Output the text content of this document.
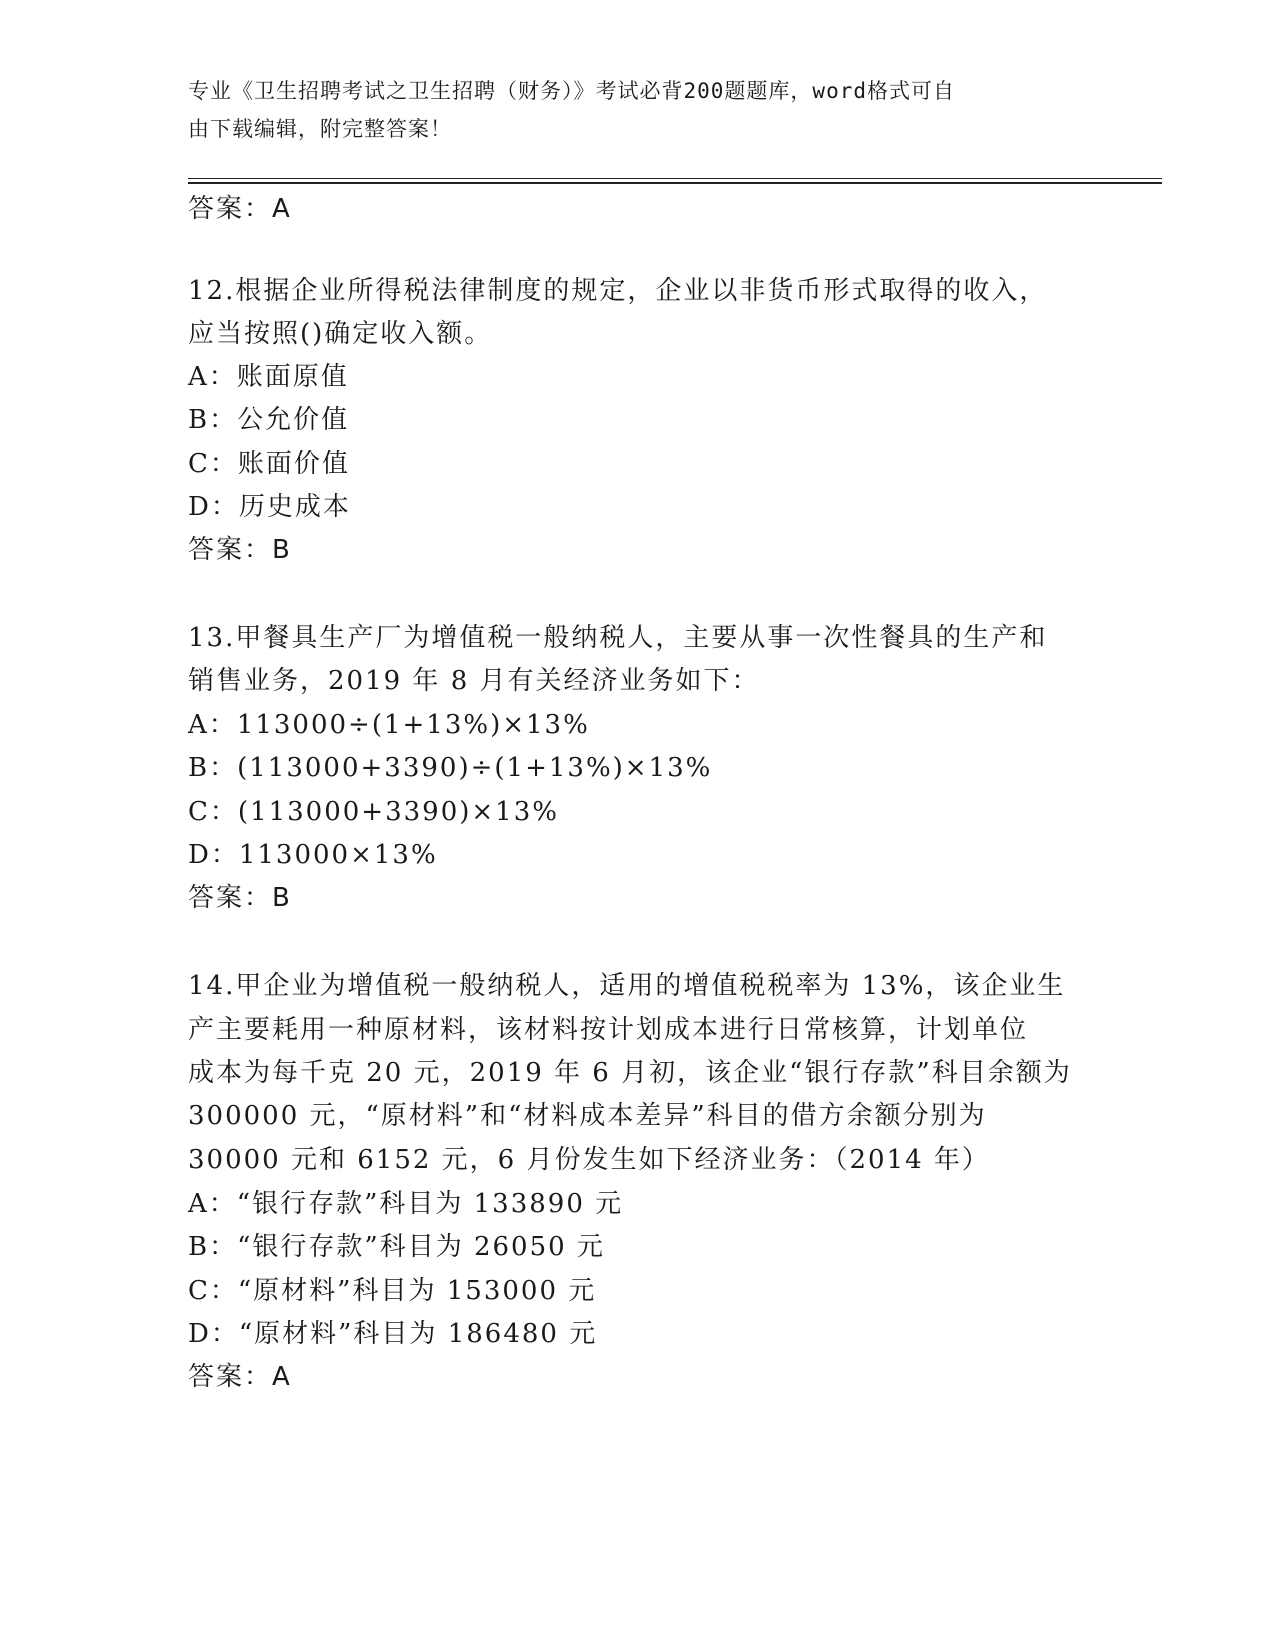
专业《卫生招聘考试之卫生招聘（财务）》考试必背200题题库，word格式可自
由下载编辑，附完整答案！
答案：A
12.根据企业所得税法律制度的规定，企业以非货币形式取得的收入，
应当按照()确定收入额。
A：账面原值
B：公允价值
C：账面价值
D：历史成本
答案：B
13.甲餐具生产厂为增值税一般纳税人，主要从事一次性餐具的生产和
销售业务，2019 年 8 月有关经济业务如下：
A：113000÷(1+13%)×13%
B：(113000+3390)÷(1+13%)×13%
C：(113000+3390)×13%
D：113000×13%
答案：B
14.甲企业为增值税一般纳税人，适用的增值税税率为 13%，该企业生
产主要耗用一种原材料，该材料按计划成本进行日常核算，计划单位
成本为每千克 20 元，2019 年 6 月初，该企业“银行存款”科目余额为
300000 元，“原材料”和“材料成本差异”科目的借方余额分别为
30000 元和 6152 元，6 月份发生如下经济业务：（2014 年）
A：“银行存款”科目为 133890 元
B：“银行存款”科目为 26050 元
C：“原材料”科目为 153000 元
D：“原材料”科目为 186480 元
答案：A
